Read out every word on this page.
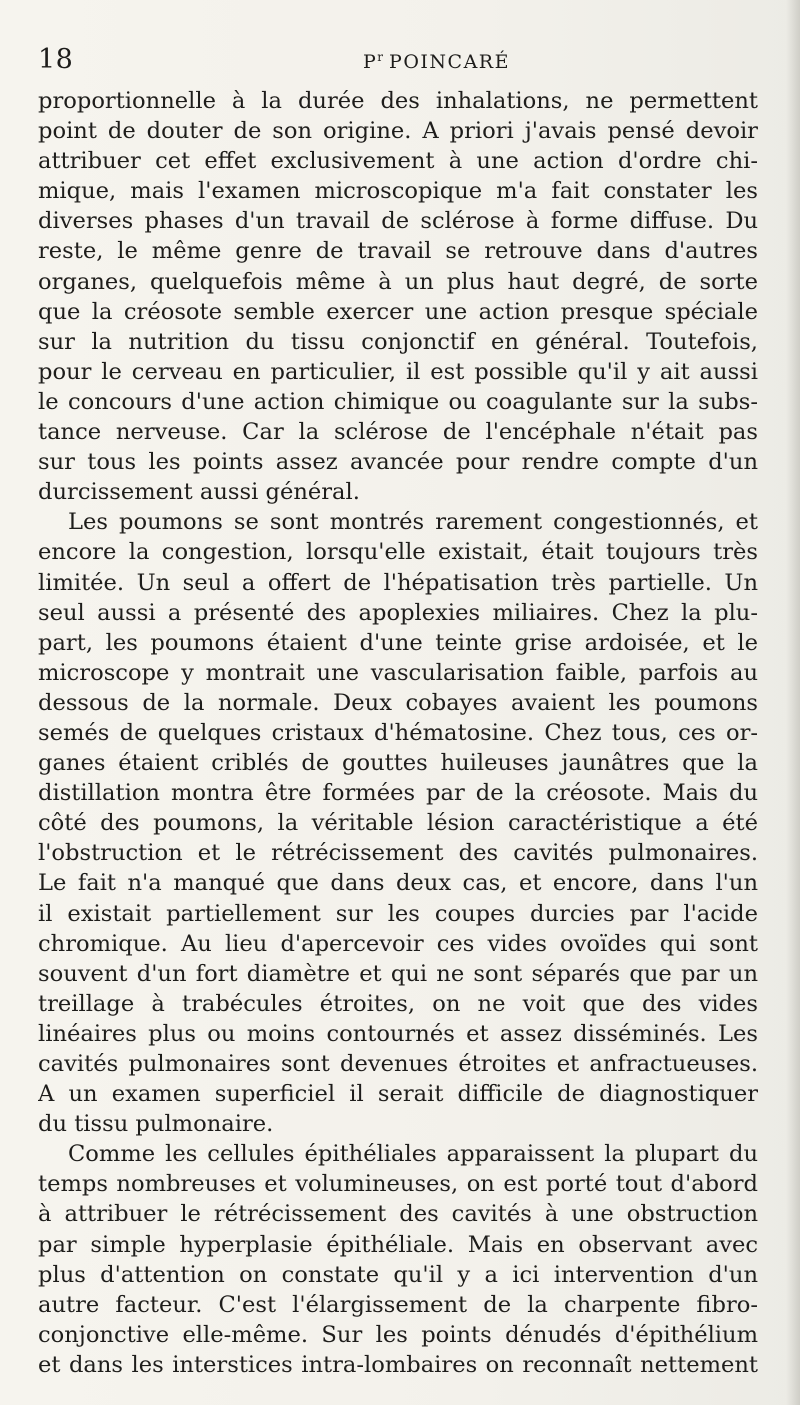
18	$P^r$ POINCARÉ
proportionnelle à la durée des inhalations, ne permettent
point de douter de son origine. A priori j'avais pensé devoir
attribuer cet effet exclusivement à une action d'ordre chi-
mique, mais l'examen microscopique m'a fait constater les
diverses phases d'un travail de sclérose à forme diffuse. Du
reste, le même genre de travail se retrouve dans d'autres
organes, quelquefois même à un plus haut degré, de sorte
que la créosote semble exercer une action presque spéciale
sur la nutrition du tissu conjonctif en général. Toutefois,
pour le cerveau en particulier, il est possible qu'il y ait aussi
le concours d'une action chimique ou coagulante sur la subs-
tance nerveuse. Car la sclérose de l'encéphale n'était pas
sur tous les points assez avancée pour rendre compte d'un
durcissement aussi général.
Les poumons se sont montrés rarement congestionnés, et
encore la congestion, lorsqu'elle existait, était toujours très
limitée. Un seul a offert de l'hépatisation très partielle. Un
seul aussi a présenté des apoplexies miliaires. Chez la plu-
part, les poumons étaient d'une teinte grise ardoisée, et le
microscope y montrait une vascularisation faible, parfois au
dessous de la normale. Deux cobayes avaient les poumons
semés de quelques cristaux d'hématosine. Chez tous, ces or-
ganes étaient criblés de gouttes huileuses jaunâtres que la
distillation montra être formées par de la créosote. Mais du
côté des poumons, la véritable lésion caractéristique a été
l'obstruction et le rétrécissement des cavités pulmonaires.
Le fait n'a manqué que dans deux cas, et encore, dans l'un
il existait partiellement sur les coupes durcies par l'acide
chromique. Au lieu d'apercevoir ces vides ovoïdes qui sont
souvent d'un fort diamètre et qui ne sont séparés que par un
treillage à trabécules étroites, on ne voit que des vides
linéaires plus ou moins contournés et assez disséminés. Les
cavités pulmonaires sont devenues étroites et anfractueuses.
A un examen superficiel il serait difficile de diagnostiquer
du tissu pulmonaire.
Comme les cellules épithéliales apparaissent la plupart du
temps nombreuses et volumineuses, on est porté tout d'abord
à attribuer le rétrécissement des cavités à une obstruction
par simple hyperplasie épithéliale. Mais en observant avec
plus d'attention on constate qu'il y a ici intervention d'un
autre facteur. C'est l'élargissement de la charpente fibro-
conjonctive elle-même. Sur les points dénudés d'épithélium
et dans les interstices intra-lombaires on reconnaît nettement
